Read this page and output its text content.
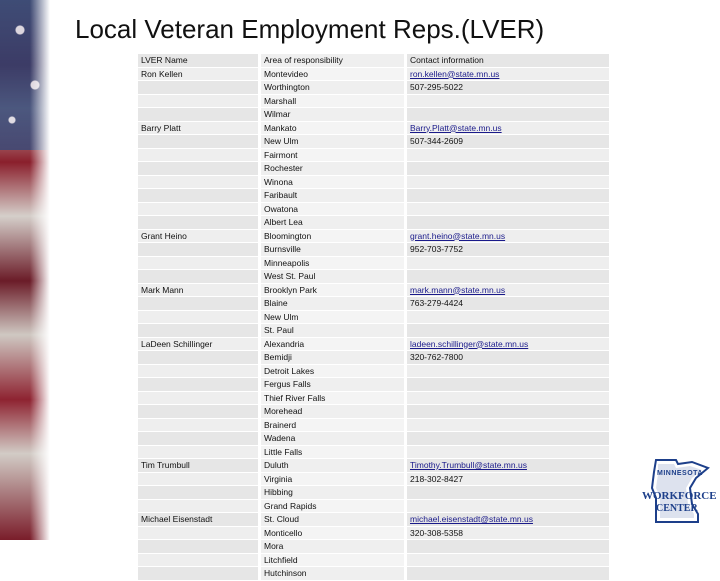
Local Veteran Employment Reps.(LVER)
LVER Name	Area of responsibility	Contact information
Ron Kellen	Montevideo	ron.kellen@state.mn.us
	Worthington	507-295-5022
	Marshall	
	Wilmar	
Barry Platt	Mankato	Barry.Platt@state.mn.us
	New Ulm	507-344-2609
	Fairmont	
	Rochester	
	Winona	
	Faribault	
	Owatona	
	Albert Lea	
Grant Heino	Bloomington	grant.heino@state.mn.us
	Burnsville	952-703-7752
	Minneapolis	
	West St. Paul	
Mark Mann	Brooklyn Park	mark.mann@state.mn.us
	Blaine	763-279-4424
	New Ulm	
	St. Paul	
LaDeen Schillinger	Alexandria	ladeen.schillinger@state.mn.us
	Bemidji	320-762-7800
	Detroit Lakes	
	Fergus Falls	
	Thief River Falls	
	Morehead	
	Brainerd	
	Wadena	
	Little Falls	
Tim Trumbull	Duluth	Timothy.Trumbull@state.mn.us
	Virginia	218-302-8427
	Hibbing	
	Grand Rapids	
Michael Eisenstadt	St. Cloud	michael.eisenstadt@state.mn.us
	Monticello	320-308-5358
	Mora	
	Litchfield	
	Hutchinson	
MINNESOTA
WORKFORCE
CENTER
